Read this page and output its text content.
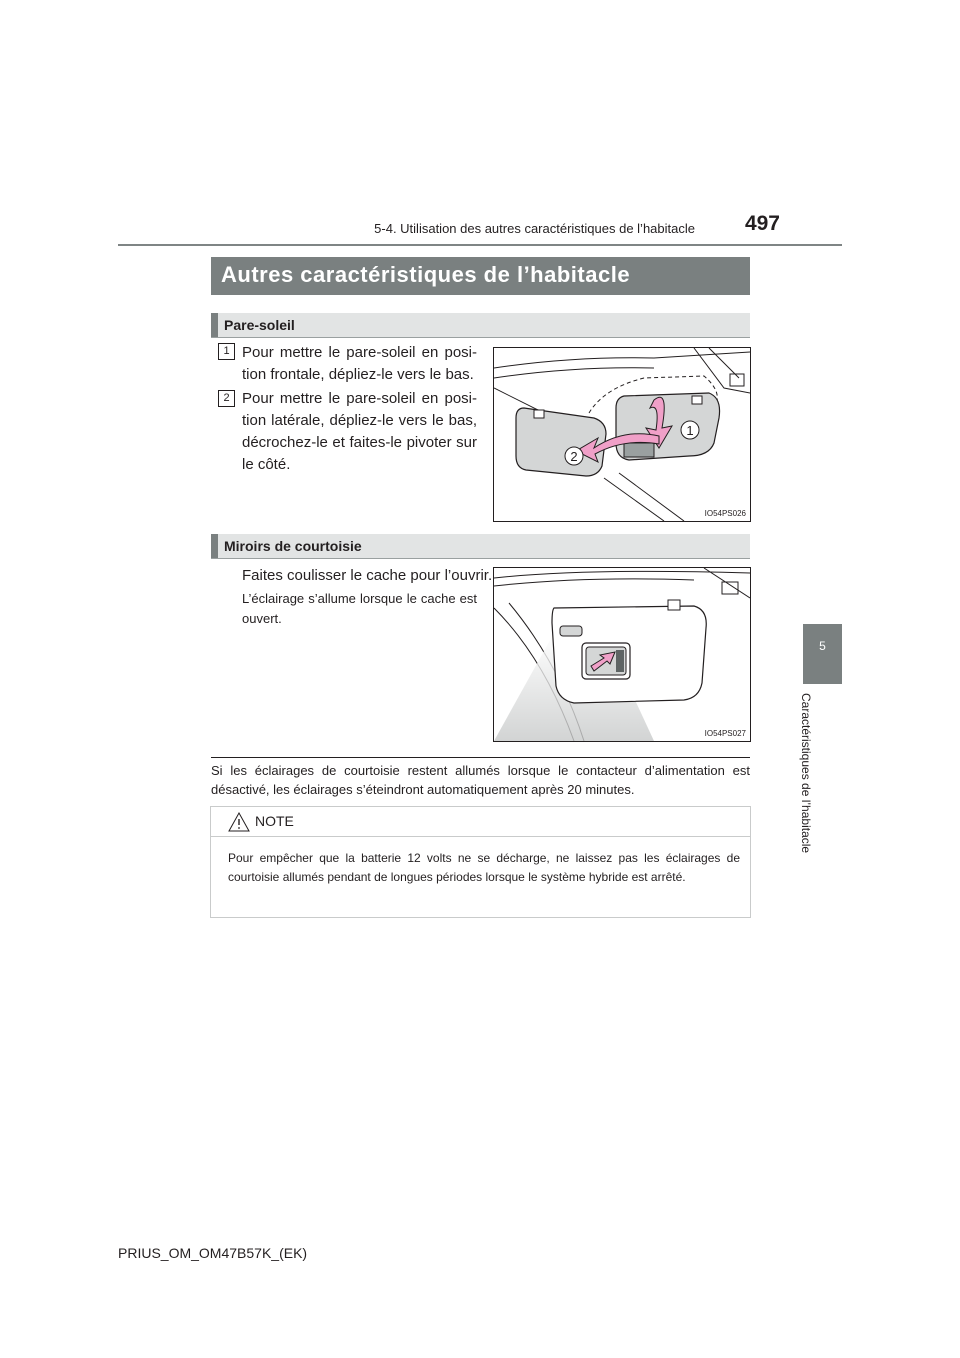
5-4. Utilisation des autres caractéristiques de l’habitacle	497
5
Caractéristiques de l’habitacle
Autres caractéristiques de l’habitacle
Pare-soleil
1 Pour mettre le pare-soleil en posi-tion frontale, dépliez-le vers le bas.
2 Pour mettre le pare-soleil en posi-tion latérale, dépliez-le vers le bas, décrochez-le et faites-le pivoter sur le côté.
1
2
IO54PS026
Miroirs de courtoisie
Faites coulisser le cache pour l’ouvrir.
L’éclairage s’allume lorsque le cache est ouvert.
IO54PS027
Si les éclairages de courtoisie restent allumés lorsque le contacteur d’alimentation est désactivé, les éclairages s’éteindront automatiquement après 20 minutes.
NOTE
Pour empêcher que la batterie 12 volts ne se décharge, ne laissez pas les éclairages de courtoisie allumés pendant de longues périodes lorsque le système hybride est arrêté.
PRIUS_OM_OM47B57K_(EK)
